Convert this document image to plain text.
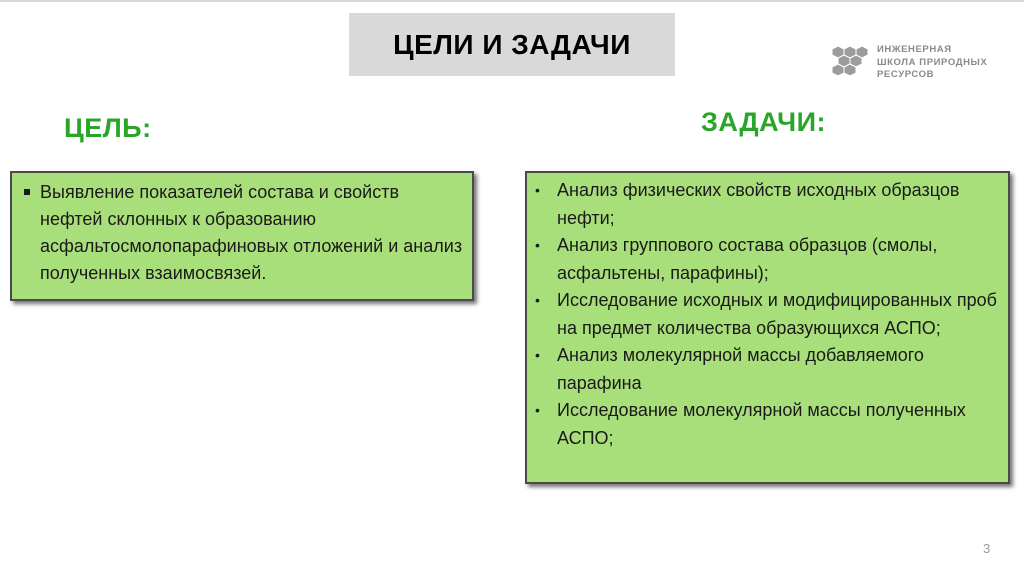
ЦЕЛИ И ЗАДАЧИ	ИНЖЕНЕРНАЯ
ШКОЛА ПРИРОДНЫХ
РЕСУРСОВ
ЦЕЛЬ:	ЗАДАЧИ:
Выявление показателей состава и свойств нефтей склонных к образованию асфальтосмолопарафиновых отложений и анализ полученных взаимосвязей.
• Анализ физических свойств исходных образцов нефти;
• Анализ группового состава образцов (смолы, асфальтены, парафины);
• Исследование исходных и модифицированных проб на предмет количества образующихся АСПО;
• Анализ молекулярной массы добавляемого парафина
• Исследование молекулярной массы полученных АСПО;
3
